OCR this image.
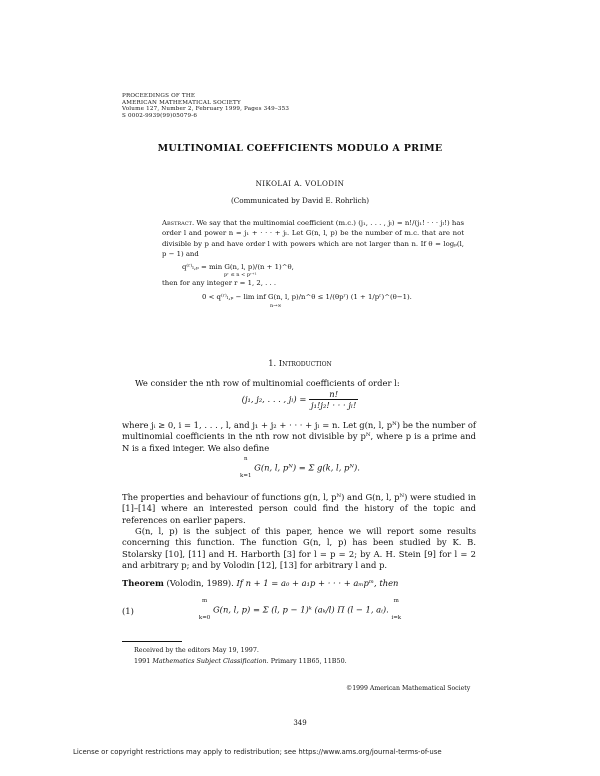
PROCEEDINGS OF THE
AMERICAN MATHEMATICAL SOCIETY
Volume 127, Number 2, February 1999, Pages 349–353
S 0002-9939(99)05079-6
MULTINOMIAL COEFFICIENTS MODULO A PRIME
NIKOLAI A. VOLODIN
(Communicated by David E. Rohrlich)
Abstract. We say that the multinomial coefficient (m.c.) (j₁, . . . , jₗ) = n!/(j₁! · · · jₗ!) has order l and power n = j₁ + · · · + jₗ. Let G(n, l, p) be the number of m.c. that are not divisible by p and have order l with powers which are not larger than n. If θ = logₚ(l, p − 1) and
q⁽ʳ⁾ₗ,ₚ = min G(n, l, p)/(n + 1)^θ,
pʳ ≤ n < pʳ⁺¹
then for any integer r = 1, 2, . . .
0 < q⁽ʳ⁾ₗ,ₚ − lim inf G(n, l, p)/n^θ ≤ 1/(θpʳ) (1 + 1/pʳ)^(θ−1).
n→∞
1. Introduction
We consider the nth row of multinomial coefficients of order l:
(j₁, j₂, . . . , $j_l) = \frac{n!}{\text{j₁!j₂! · · · jₗ!}}$
where jᵢ ≥ 0, i = 1, . . . , l, and j₁ + j₂ + · · · + jₗ = n. Let g(n, l, pᴺ) be the number of multinomial coefficients in the nth row not divisible by pᴺ, where p is a prime and N is a fixed integer. We also define
n
k=1
G(n, l, pᴺ) = Σ g(k, l, pᴺ).
The properties and behaviour of functions g(n, l, pᴺ) and G(n, l, pᴺ) were studied in [1]–[14] where an interested person could find the history of the topic and references on earlier papers.
G(n, l, p) is the subject of this paper, hence we will report some results concerning this function. The function G(n, l, p) has been studied by K. B. Stolarsky [10], [11] and H. Harborth [3] for l = p = 2; by A. H. Stein [9] for l = 2 and arbitrary p; and by Volodin [12], [13] for arbitrary l and p.
Theorem (Volodin, 1989). If n + 1 = a₀ + a₁p + · · · + aₘpᵐ, then
(1)
m
k=0
G(n, l, p) = Σ (l, p − 1)ᵏ (aₖ/l) Π (l − 1, aᵢ).
m
i=k
Received by the editors May 19, 1997.
1991 Mathematics Subject Classification. Primary 11B65, 11B50.
©1999 American Mathematical Society
349
License or copyright restrictions may apply to redistribution; see https://www.ams.org/journal-terms-of-use
